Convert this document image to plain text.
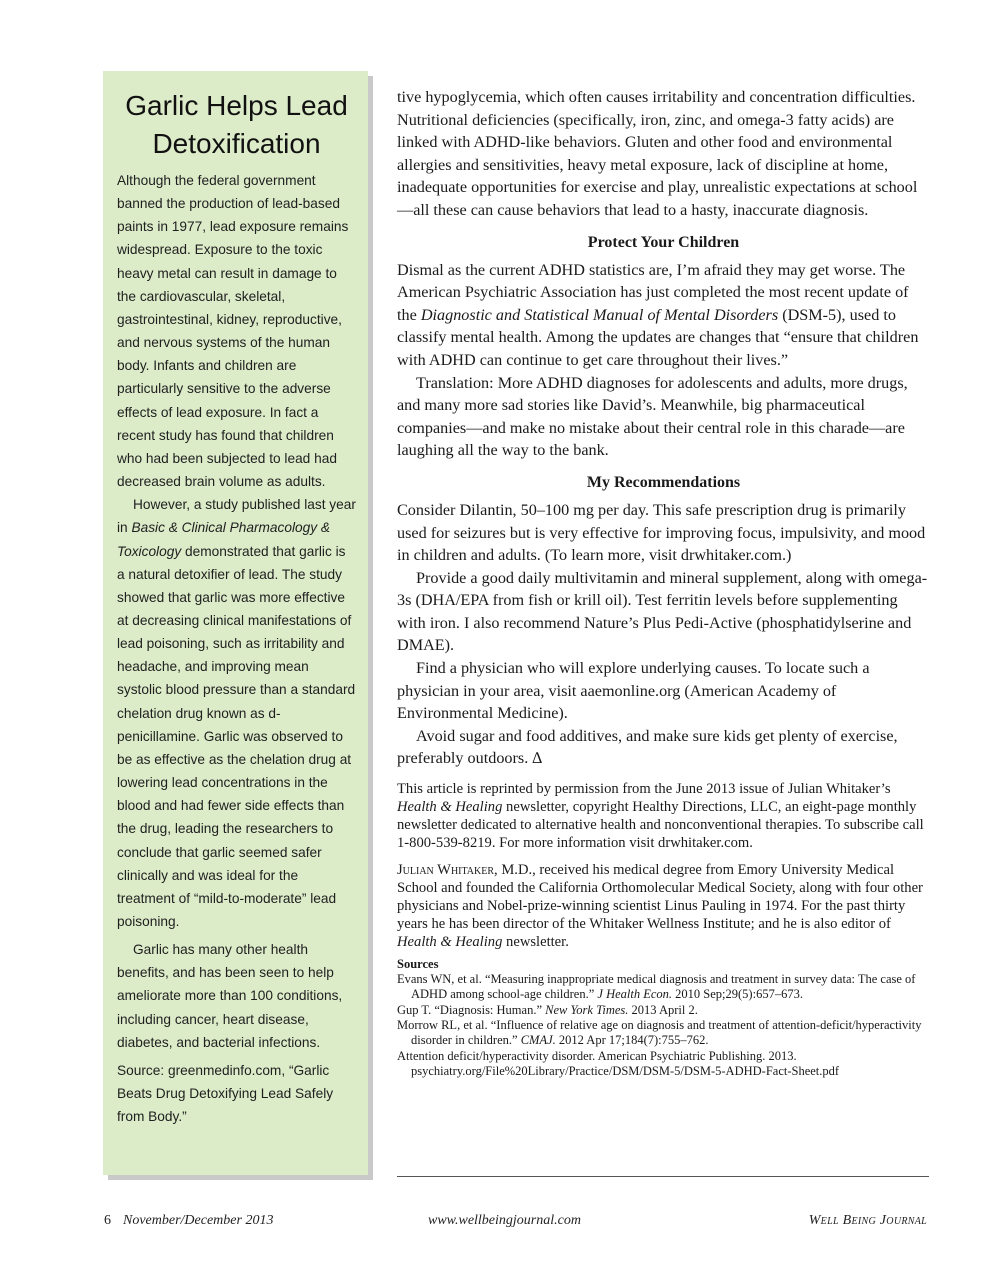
Garlic Helps Lead Detoxification

Although the federal government banned the production of lead-based paints in 1977, lead exposure remains widespread. Exposure to the toxic heavy metal can result in damage to the cardiovascular, skeletal, gastrointestinal, kidney, reproductive, and nervous systems of the human body. Infants and children are particularly sensitive to the adverse effects of lead exposure. In fact a recent study has found that children who had been subjected to lead had decreased brain volume as adults.

However, a study published last year in Basic & Clinical Pharmacology & Toxicology demonstrated that garlic is a natural detoxifier of lead. The study showed that garlic was more effective at decreasing clinical manifestations of lead poisoning, such as irritability and headache, and improving mean systolic blood pressure than a standard chelation drug known as d-penicillamine. Garlic was observed to be as effective as the chelation drug at lowering lead concentrations in the blood and had fewer side effects than the drug, leading the researchers to conclude that garlic seemed safer clinically and was ideal for the treatment of “mild-to-moderate” lead poisoning.

Garlic has many other health benefits, and has been seen to help ameliorate more than 100 conditions, including cancer, heart disease, diabetes, and bacterial infections.

Source: greenmedinfo.com, “Garlic Beats Drug Detoxifying Lead Safely from Body.”

tive hypoglycemia, which often causes irritability and concentration difficulties. Nutritional deficiencies (specifically, iron, zinc, and omega-3 fatty acids) are linked with ADHD-like behaviors. Gluten and other food and environmental allergies and sensitivities, heavy metal exposure, lack of discipline at home, inadequate opportunities for exercise and play, unrealistic expectations at school—all these can cause behaviors that lead to a hasty, inaccurate diagnosis.

Protect Your Children

Dismal as the current ADHD statistics are, I’m afraid they may get worse. The American Psychiatric Association has just completed the most recent update of the Diagnostic and Statistical Manual of Mental Disorders (DSM-5), used to classify mental health. Among the updates are changes that “ensure that children with ADHD can continue to get care throughout their lives.”

Translation: More ADHD diagnoses for adolescents and adults, more drugs, and many more sad stories like David’s. Meanwhile, big pharmaceutical companies—and make no mistake about their central role in this charade—are laughing all the way to the bank.

My Recommendations

Consider Dilantin, 50–100 mg per day. This safe prescription drug is primarily used for seizures but is very effective for improving focus, impulsivity, and mood in children and adults. (To learn more, visit drwhitaker.com.)

Provide a good daily multivitamin and mineral supplement, along with omega-3s (DHA/EPA from fish or krill oil). Test ferritin levels before supplementing with iron. I also recommend Nature’s Plus Pedi-Active (phosphatidylserine and DMAE).

Find a physician who will explore underlying causes. To locate such a physician in your area, visit aaemonline.org (American Academy of Environmental Medicine).

Avoid sugar and food additives, and make sure kids get plenty of exercise, preferably outdoors. ∆

This article is reprinted by permission from the June 2013 issue of Julian Whitaker’s Health & Healing newsletter, copyright Healthy Directions, LLC, an eight-page monthly newsletter dedicated to alternative health and nonconventional therapies. To subscribe call 1-800-539-8219. For more information visit drwhitaker.com.

Julian Whitaker, M.D., received his medical degree from Emory University Medical School and founded the California Orthomolecular Medical Society, along with four other physicians and Nobel-prize-winning scientist Linus Pauling in 1974. For the past thirty years he has been director of the Whitaker Wellness Institute; and he is also editor of Health & Healing newsletter.

Sources
Evans WN, et al. “Measuring inappropriate medical diagnosis and treatment in survey data: The case of ADHD among school-age children.” J Health Econ. 2010 Sep;29(5):657–673.
Gup T. “Diagnosis: Human.” New York Times. 2013 April 2.
Morrow RL, et al. “Influence of relative age on diagnosis and treatment of attention-deficit/hyperactivity disorder in children.” CMAJ. 2012 Apr 17;184(7):755–762.
Attention deficit/hyperactivity disorder. American Psychiatric Publishing. 2013. psychiatry.org/File%20Library/Practice/DSM/DSM-5/DSM-5-ADHD-Fact-Sheet.pdf
6 November/December 2013	www.wellbeingjournal.com	Well Being Journal
